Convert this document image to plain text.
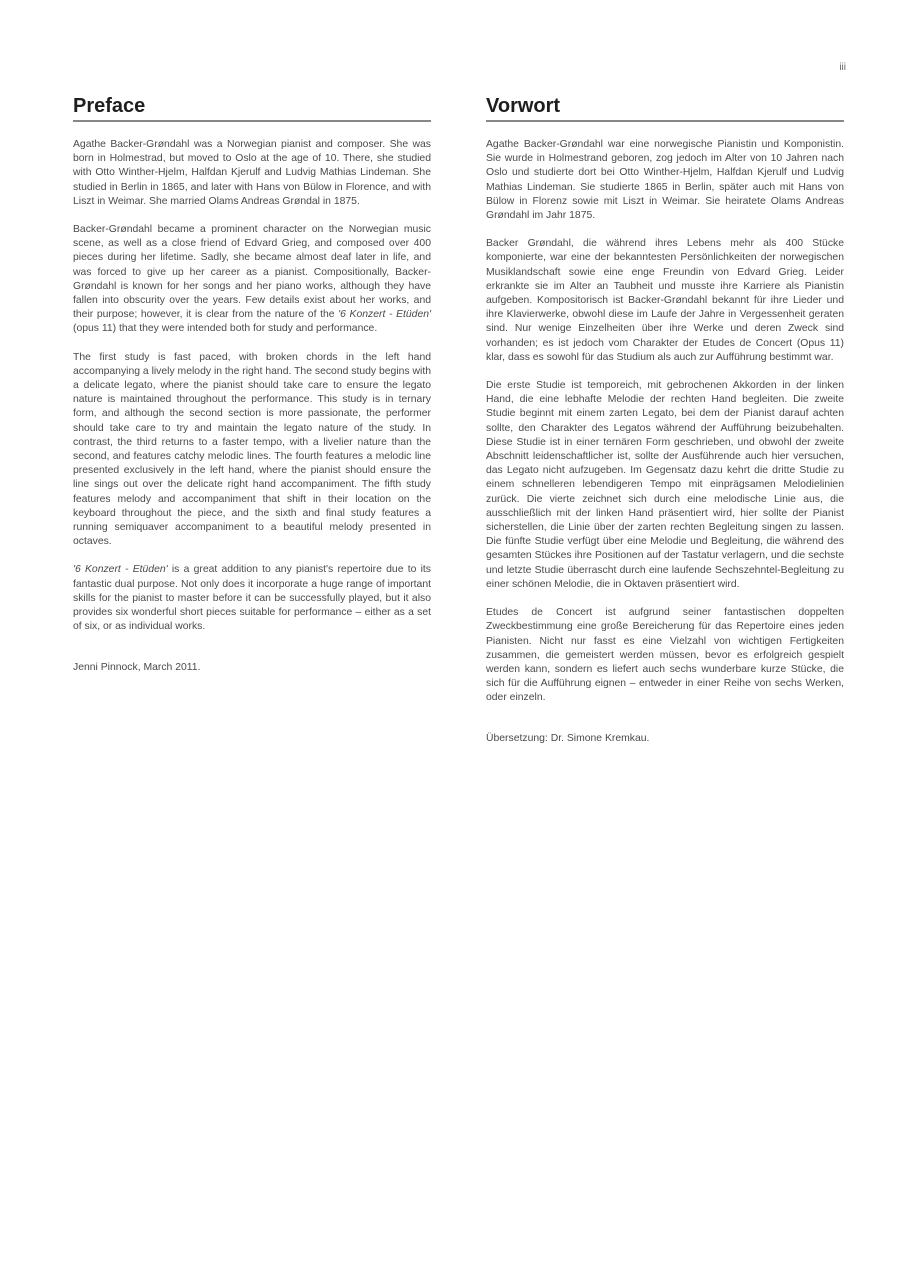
iii
Preface

Agathe Backer-Grøndahl was a Norwegian pianist and composer. She was born in Holmestrad, but moved to Oslo at the age of 10. There, she studied with Otto Winther-Hjelm, Halfdan Kjerulf and Ludvig Mathias Lindeman. She studied in Berlin in 1865, and later with Hans von Bülow in Florence, and with Liszt in Weimar. She married Olams Andreas Grøndal in 1875.

Backer-Grøndahl became a prominent character on the Norwegian music scene, as well as a close friend of Edvard Grieg, and composed over 400 pieces during her lifetime. Sadly, she became almost deaf later in life, and was forced to give up her career as a pianist. Compositionally, Backer-Grøndahl is known for her songs and her piano works, although they have fallen into obscurity over the years. Few details exist about her works, and their purpose; however, it is clear from the nature of the '6 Konzert - Etüden' (opus 11) that they were intended both for study and performance.

The first study is fast paced, with broken chords in the left hand accompanying a lively melody in the right hand. The second study begins with a delicate legato, where the pianist should take care to ensure the legato nature is maintained throughout the performance. This study is in ternary form, and although the second section is more passionate, the performer should take care to try and maintain the legato nature of the study. In contrast, the third returns to a faster tempo, with a livelier nature than the second, and features catchy melodic lines. The fourth features a melodic line presented exclusively in the left hand, where the pianist should ensure the line sings out over the delicate right hand accompaniment. The fifth study features melody and accompaniment that shift in their location on the keyboard throughout the piece, and the sixth and final study features a running semiquaver accompaniment to a beautiful melody presented in octaves.

'6 Konzert - Etüden' is a great addition to any pianist's repertoire due to its fantastic dual purpose. Not only does it incorporate a huge range of important skills for the pianist to master before it can be successfully played, but it also provides six wonderful short pieces suitable for performance – either as a set of six, or as individual works.

Jenni Pinnock, March 2011.

Vorwort

Agathe Backer-Grøndahl war eine norwegische Pianistin und Komponistin. Sie wurde in Holmestrand geboren, zog jedoch im Alter von 10 Jahren nach Oslo und studierte dort bei Otto Winther-Hjelm, Halfdan Kjerulf und Ludvig Mathias Lindeman. Sie studierte 1865 in Berlin, später auch mit Hans von Bülow in Florenz sowie mit Liszt in Weimar. Sie heiratete Olams Andreas Grøndahl im Jahr 1875.

Backer Grøndahl, die während ihres Lebens mehr als 400 Stücke komponierte, war eine der bekanntesten Persönlichkeiten der norwegischen Musiklandschaft sowie eine enge Freundin von Edvard Grieg. Leider erkrankte sie im Alter an Taubheit und musste ihre Karriere als Pianistin aufgeben. Kompositorisch ist Backer-Grøndahl bekannt für ihre Lieder und ihre Klavierwerke, obwohl diese im Laufe der Jahre in Vergessenheit geraten sind. Nur wenige Einzelheiten über ihre Werke und deren Zweck sind vorhanden; es ist jedoch vom Charakter der Etudes de Concert (Opus 11) klar, dass es sowohl für das Studium als auch zur Aufführung bestimmt war.

Die erste Studie ist temporeich, mit gebrochenen Akkorden in der linken Hand, die eine lebhafte Melodie der rechten Hand begleiten. Die zweite Studie beginnt mit einem zarten Legato, bei dem der Pianist darauf achten sollte, den Charakter des Legatos während der Aufführung beizubehalten. Diese Studie ist in einer ternären Form geschrieben, und obwohl der zweite Abschnitt leidenschaftlicher ist, sollte der Ausführende auch hier versuchen, das Legato nicht aufzugeben. Im Gegensatz dazu kehrt die dritte Studie zu einem schnelleren lebendigeren Tempo mit einprägsamen Melodielinien zurück. Die vierte zeichnet sich durch eine melodische Linie aus, die ausschließlich mit der linken Hand präsentiert wird, hier sollte der Pianist sicherstellen, die Linie über der zarten rechten Begleitung singen zu lassen. Die fünfte Studie verfügt über eine Melodie und Begleitung, die während des gesamten Stückes ihre Positionen auf der Tastatur verlagern, und die sechste und letzte Studie überrascht durch eine laufende Sechszehntel-Begleitung zu einer schönen Melodie, die in Oktaven präsentiert wird.

Etudes de Concert ist aufgrund seiner fantastischen doppelten Zweckbestimmung eine große Bereicherung für das Repertoire eines jeden Pianisten. Nicht nur fasst es eine Vielzahl von wichtigen Fertigkeiten zusammen, die gemeistert werden müssen, bevor es erfolgreich gespielt werden kann, sondern es liefert auch sechs wunderbare kurze Stücke, die sich für die Aufführung eignen – entweder in einer Reihe von sechs Werken, oder einzeln.

Übersetzung: Dr. Simone Kremkau.
